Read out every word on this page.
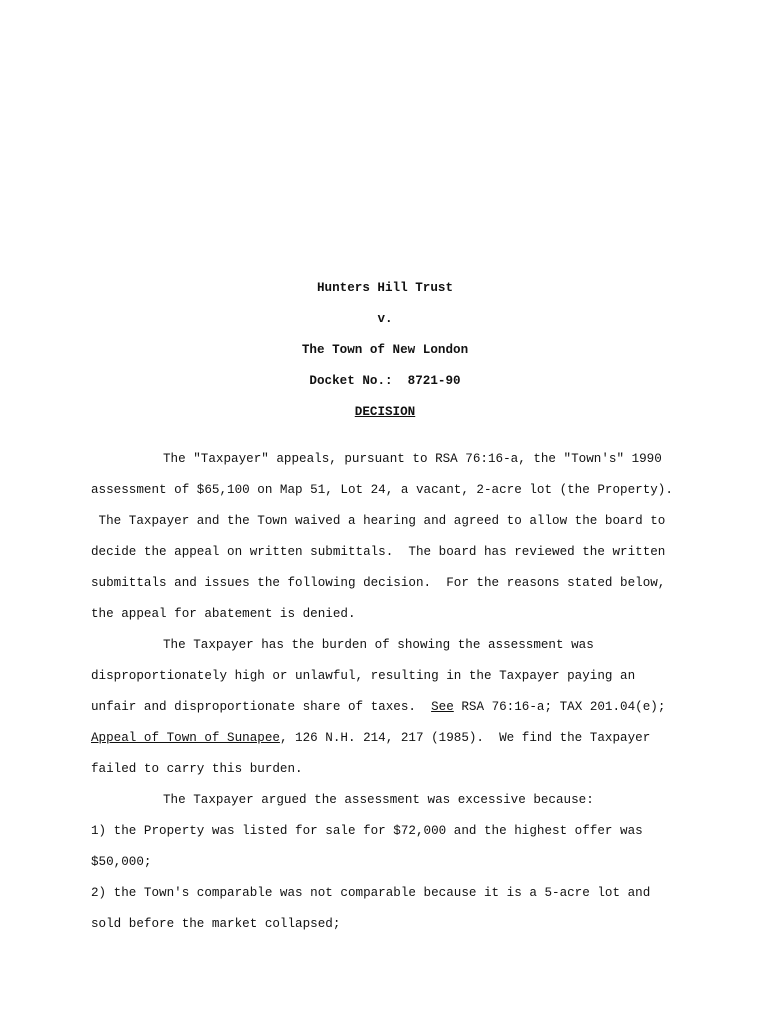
Hunters Hill Trust
v.
The Town of New London
Docket No.:  8721-90
DECISION
The "Taxpayer" appeals, pursuant to RSA 76:16-a, the "Town's" 1990
assessment of $65,100 on Map 51, Lot 24, a vacant, 2-acre lot (the Property).
The Taxpayer and the Town waived a hearing and agreed to allow the board to
decide the appeal on written submittals.  The board has reviewed the written
submittals and issues the following decision.  For the reasons stated below,
the appeal for abatement is denied.
The Taxpayer has the burden of showing the assessment was
disproportionately high or unlawful, resulting in the Taxpayer paying an
unfair and disproportionate share of taxes.  See RSA 76:16-a; TAX 201.04(e);
Appeal of Town of Sunapee, 126 N.H. 214, 217 (1985).  We find the Taxpayer
failed to carry this burden.
The Taxpayer argued the assessment was excessive because:
1) the Property was listed for sale for $72,000 and the highest offer was
$50,000;
2) the Town's comparable was not comparable because it is a 5-acre lot and
sold before the market collapsed;
